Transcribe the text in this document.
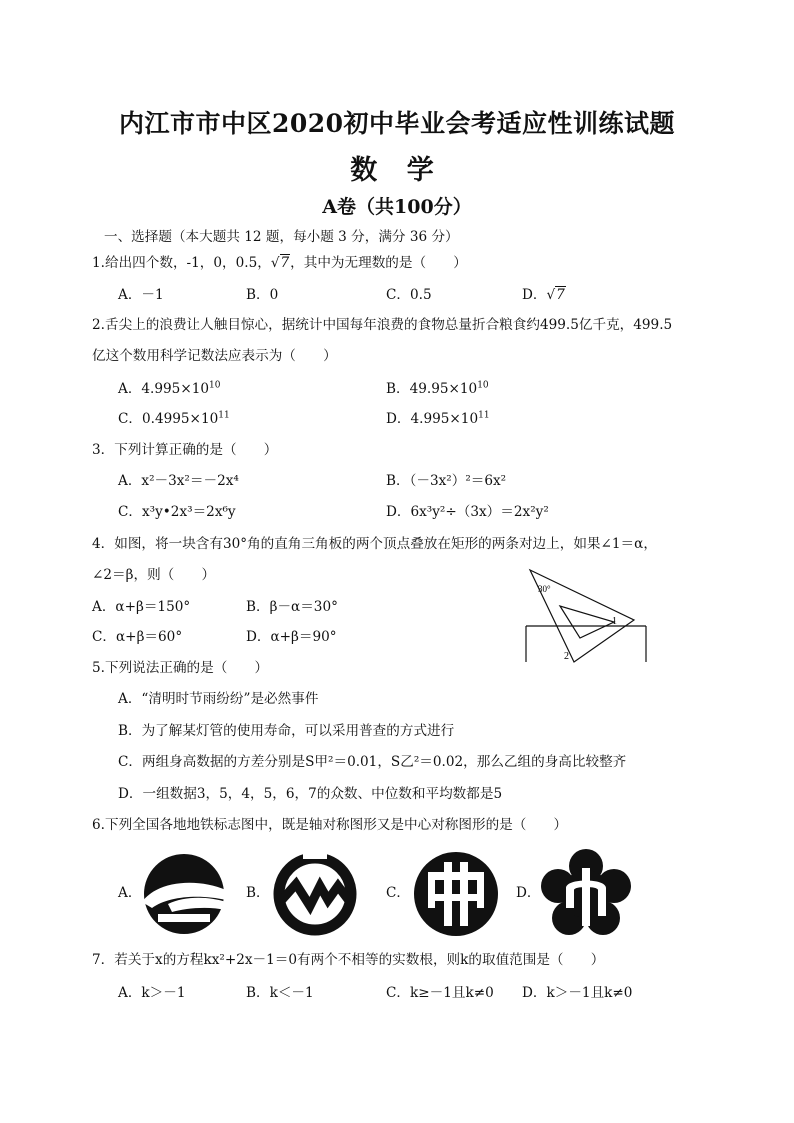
内江市市中区2020初中毕业会考适应性训练试题
数 学
A卷（共100分）
一、选择题（本大题共 12 题，每小题 3 分，满分 36 分）
1.给出四个数，-1，0，0.5，√7，其中为无理数的是（　　）
A．－1	B．0	C．0.5	D．√7
2.舌尖上的浪费让人触目惊心，据统计中国每年浪费的食物总量折合粮食约499.5亿千克，499.5
亿这个数用科学记数法应表示为（　　）
A．$4.995\times 10^{10}$	B．$49.95\times 10^{10}$
C．$0.4995\times 10^{11}$	D．$4.995\times 10^{11}$
3．下列计算正确的是（　　）
A．x²－3x²＝－2x⁴	B．（－3x²）²＝6x²
C．x³y•2x³＝2x⁶y	D．6x³y²÷（3x）＝2x²y²
4．如图，将一块含有30°角的直角三角板的两个顶点叠放在矩形的两条对边上，如果∠1＝α，
∠2＝β，则（　　）
A．α+β＝150°	B．β－α＝30°
C．α+β＝60°	D．α+β＝90°
30°
1
2
5.下列说法正确的是（　　）
A．“清明时节雨纷纷”是必然事件
B．为了解某灯管的使用寿命，可以采用普查的方式进行
C．两组身高数据的方差分别是S甲²＝0.01，S乙²＝0.02，那么乙组的身高比较整齐
D．一组数据3，5，4，5，6，7的众数、中位数和平均数都是5
6.下列全国各地地铁标志图中，既是轴对称图形又是中心对称图形的是（　　）
A．	B．	C．	D．
7．若关于x的方程kx²+2x－1＝0有两个不相等的实数根，则k的取值范围是（　　）
A．k＞－1	B．k＜－1	C．k≥－1且k≠0 D．k＞－1且k≠0
